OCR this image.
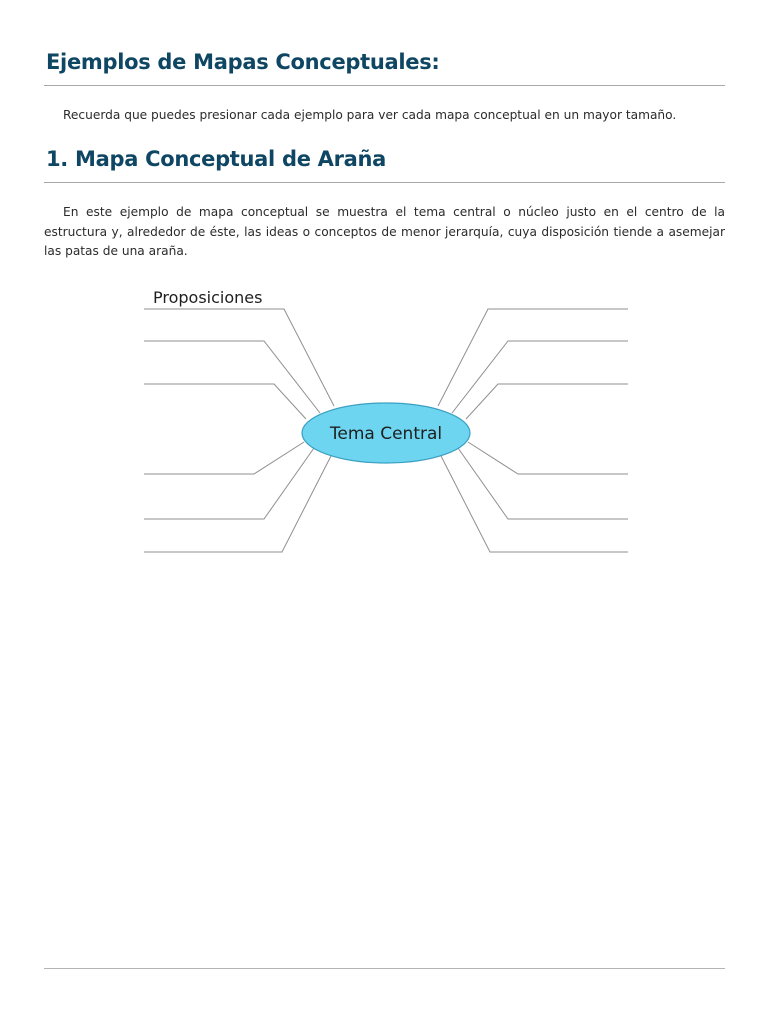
Ejemplos de Mapas Conceptuales:

Recuerda que puedes presionar cada ejemplo para ver cada mapa conceptual en un mayor tamaño.

1. Mapa Conceptual de Araña

En este ejemplo de mapa conceptual se muestra el tema central o núcleo justo en el centro de la estructura y, alrededor de éste, las ideas o conceptos de menor jerarquía, cuya disposición tiende a asemejar las patas de una araña.

Tema Central
Proposiciones
